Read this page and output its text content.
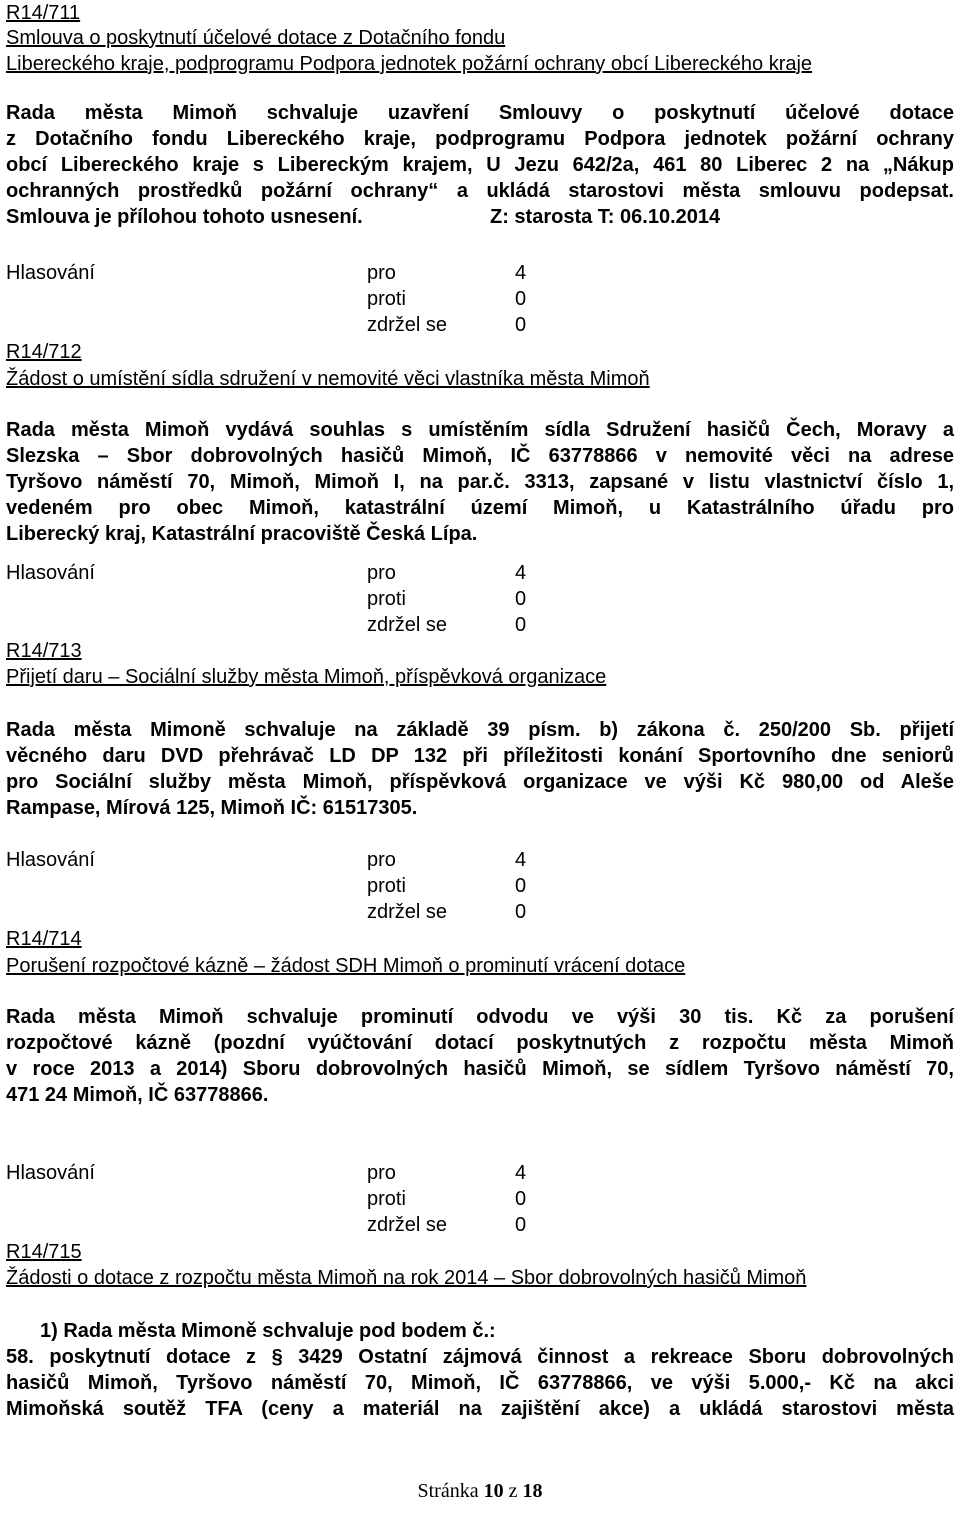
R14/711
Smlouva o poskytnutí účelové dotace z Dotačního fondu
Libereckého kraje, podprogramu Podpora jednotek požární ochrany obcí Libereckého kraje
Rada města Mimoň schvaluje uzavření Smlouvy o poskytnutí účelové dotace
z Dotačního fondu Libereckého kraje, podprogramu Podpora jednotek požární ochrany
obcí Libereckého kraje s Libereckým krajem, U Jezu 642/2a, 461 80 Liberec 2 na „Nákup
ochranných prostředků požární ochrany“ a ukládá starostovi města smlouvu podepsat.
Smlouva je přílohou tohoto usnesení.	Z: starosta T: 06.10.2014
Hlasování	pro	4
proti	0
zdržel se	0
R14/712
Žádost o umístění sídla sdružení v nemovité věci vlastníka města Mimoň
Rada města Mimoň vydává souhlas s umístěním sídla Sdružení hasičů Čech, Moravy a
Slezska – Sbor dobrovolných hasičů Mimoň, IČ 63778866 v nemovité věci na adrese
Tyršovo náměstí 70, Mimoň, Mimoň I, na par.č. 3313, zapsané v listu vlastnictví číslo 1,
vedeném pro obec Mimoň, katastrální území Mimoň, u Katastrálního úřadu pro
Liberecký kraj, Katastrální pracoviště Česká Lípa.
Hlasování	pro	4
proti	0
zdržel se	0
R14/713
Přijetí daru – Sociální služby města Mimoň, příspěvková organizace
Rada města Mimoně schvaluje na základě 39 písm. b) zákona č. 250/200 Sb. přijetí
věcného daru DVD přehrávač LD DP 132 při příležitosti konání Sportovního dne seniorů
pro Sociální služby města Mimoň, příspěvková organizace ve výši Kč 980,00 od Aleše
Rampase, Mírová 125, Mimoň IČ: 61517305.
Hlasování	pro	4
proti	0
zdržel se	0
R14/714
Porušení rozpočtové kázně – žádost SDH Mimoň o prominutí vrácení dotace
Rada města Mimoň schvaluje prominutí odvodu ve výši 30 tis. Kč za porušení
rozpočtové kázně (pozdní vyúčtování dotací poskytnutých z rozpočtu města Mimoň
v roce 2013 a 2014) Sboru dobrovolných hasičů Mimoň, se sídlem Tyršovo náměstí 70,
471 24 Mimoň, IČ 63778866.
Hlasování	pro	4
proti	0
zdržel se	0
R14/715
Žádosti o dotace z rozpočtu města Mimoň na rok 2014 – Sbor dobrovolných hasičů Mimoň
1) Rada města Mimoně schvaluje pod bodem č.:
58. poskytnutí dotace z § 3429 Ostatní zájmová činnost a rekreace Sboru dobrovolných
hasičů Mimoň, Tyršovo náměstí 70, Mimoň, IČ 63778866, ve výši 5.000,- Kč na akci
Mimoňská soutěž TFA (ceny a materiál na zajištění akce) a ukládá starostovi města
Stránka 10 z 18
